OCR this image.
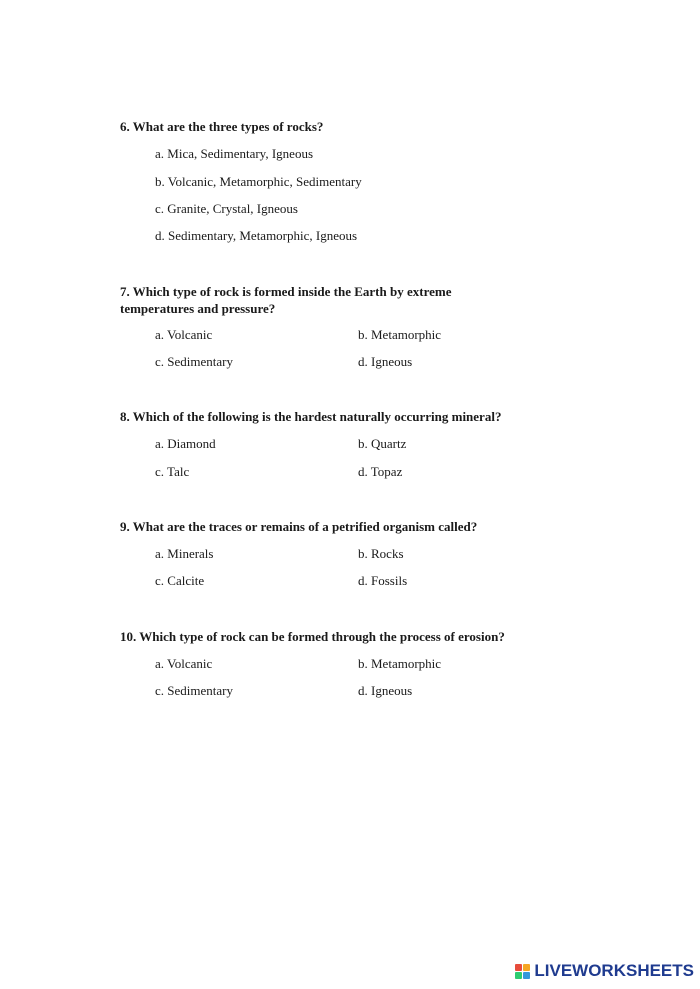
6. What are the three types of rocks?

a. Mica, Sedimentary, Igneous
b. Volcanic, Metamorphic, Sedimentary
c. Granite, Crystal, Igneous
d. Sedimentary, Metamorphic, Igneous

7. Which type of rock is formed inside the Earth by extreme
temperatures and pressure?

a. Volcanic	b. Metamorphic
c. Sedimentary	d. Igneous

8. Which of the following is the hardest naturally occurring mineral?

a. Diamond	b. Quartz
c. Talc	d. Topaz

9. What are the traces or remains of a petrified organism called?

a. Minerals	b. Rocks
c. Calcite	d. Fossils

10. Which type of rock can be formed through the process of erosion?

a. Volcanic	b. Metamorphic
c. Sedimentary	d. Igneous
LIVEWORKSHEETS
